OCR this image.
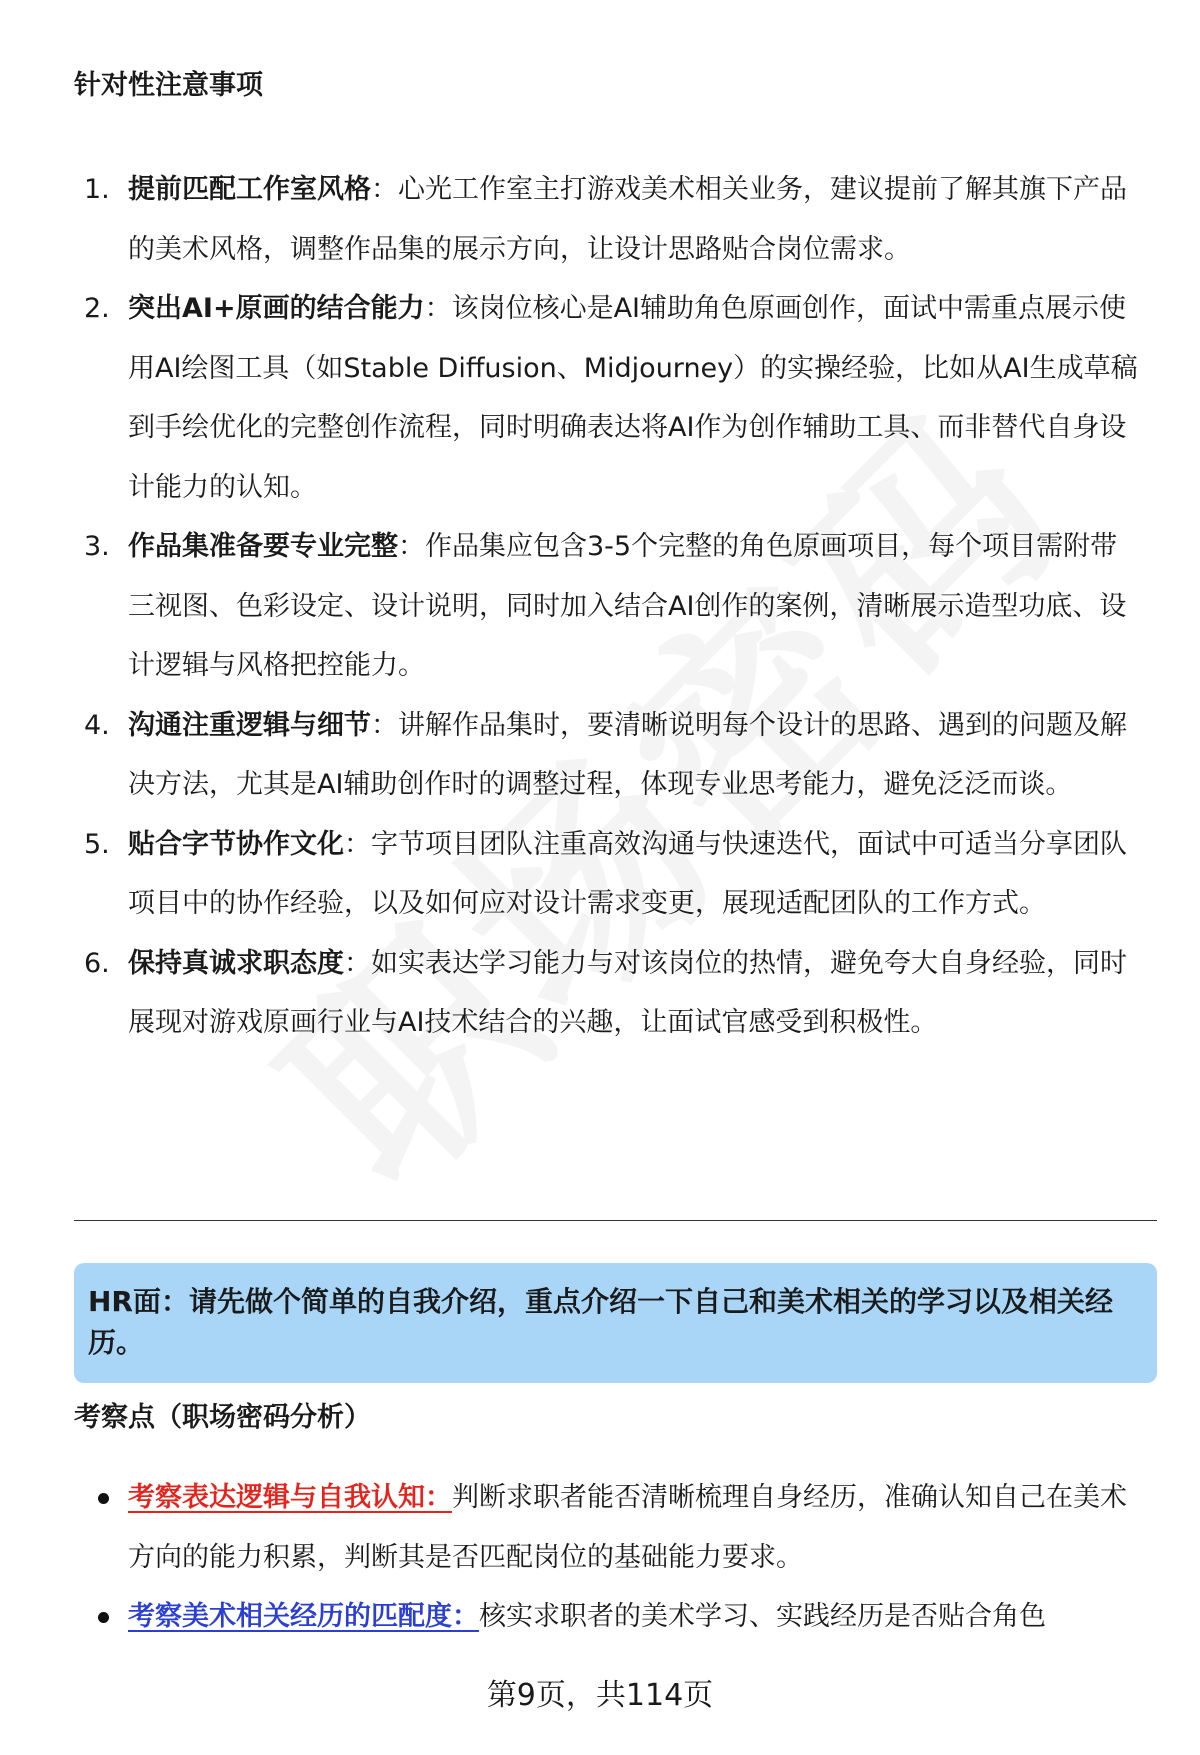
针对性注意事项
1. 提前匹配工作室风格：心光工作室主打游戏美术相关业务，建议提前了解其旗下产品的美术风格，调整作品集的展示方向，让设计思路贴合岗位需求。
2. 突出AI+原画的结合能力：该岗位核心是AI辅助角色原画创作，面试中需重点展示使用AI绘图工具（如Stable Diffusion、Midjourney）的实操经验，比如从AI生成草稿到手绘优化的完整创作流程，同时明确表达将AI作为创作辅助工具、而非替代自身设计能力的认知。
3. 作品集准备要专业完整：作品集应包含3-5个完整的角色原画项目，每个项目需附带三视图、色彩设定、设计说明，同时加入结合AI创作的案例，清晰展示造型功底、设计逻辑与风格把控能力。
4. 沟通注重逻辑与细节：讲解作品集时，要清晰说明每个设计的思路、遇到的问题及解决方法，尤其是AI辅助创作时的调整过程，体现专业思考能力，避免泛泛而谈。
5. 贴合字节协作文化：字节项目团队注重高效沟通与快速迭代，面试中可适当分享团队项目中的协作经验，以及如何应对设计需求变更，展现适配团队的工作方式。
6. 保持真诚求职态度：如实表达学习能力与对该岗位的热情，避免夸大自身经验，同时展现对游戏原画行业与AI技术结合的兴趣，让面试官感受到积极性。
HR面：请先做个简单的自我介绍，重点介绍一下自己和美术相关的学习以及相关经历。
考察点（职场密码分析）
考察表达逻辑与自我认知：判断求职者能否清晰梳理自身经历，准确认知自己在美术方向的能力积累，判断其是否匹配岗位的基础能力要求。
考察美术相关经历的匹配度：核实求职者的美术学习、实践经历是否贴合角色
第9页，共114页
